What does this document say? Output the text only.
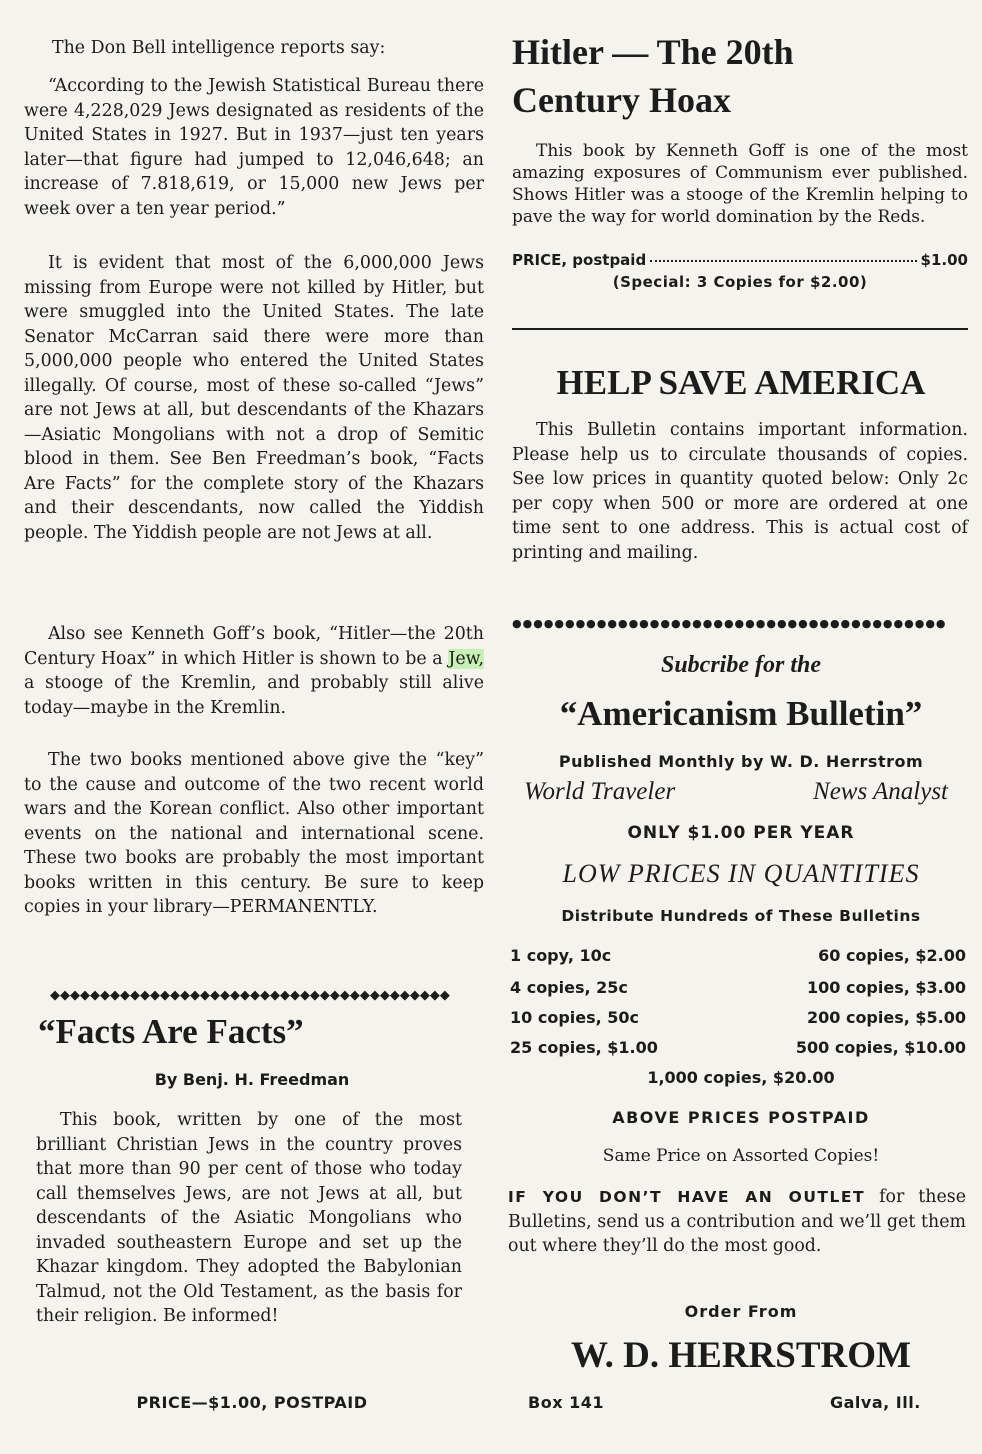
The Don Bell intelligence reports say:

“According to the Jewish Statistical Bureau there were 4,228,029 Jews designated as residents of the United States in 1927. But in 1937—just ten years later—that figure had jumped to 12,046,648; an increase of 7.818,619, or 15,000 new Jews per week over a ten year period.”

It is evident that most of the 6,000,000 Jews missing from Europe were not killed by Hitler, but were smuggled into the United States. The late Senator McCarran said there were more than 5,000,000 people who entered the United States illegally. Of course, most of these so-called “Jews” are not Jews at all, but descendants of the Khazars—Asiatic Mongolians with not a drop of Semitic blood in them. See Ben Freedman’s book, “Facts Are Facts” for the complete story of the Khazars and their descendants, now called the Yiddish people. The Yiddish people are not Jews at all.

Also see Kenneth Goff’s book, “Hitler—the 20th Century Hoax” in which Hitler is shown to be a Jew, a stooge of the Kremlin, and probably still alive today—maybe in the Kremlin.

The two books mentioned above give the “key” to the cause and outcome of the two recent world wars and the Korean conflict. Also other important events on the national and international scene. These two books are probably the most important books written in this century. Be sure to keep copies in your library—PERMANENTLY.

◆◆◆◆◆◆◆◆◆◆◆◆◆◆◆◆◆◆◆◆◆◆◆◆◆◆◆◆◆◆◆◆◆◆◆◆◆◆◆◆
“Facts Are Facts”
By Benj. H. Freedman

This book, written by one of the most brilliant Christian Jews in the country proves that more than 90 per cent of those who today call themselves Jews, are not Jews at all, but descendants of the Asiatic Mongolians who invaded southeastern Europe and set up the Khazar kingdom. They adopted the Babylonian Talmud, not the Old Testament, as the basis for their religion. Be informed!

PRICE—$1.00, POSTPAID
Hitler — The 20th
Century Hoax

This book by Kenneth Goff is one of the most amazing exposures of Communism ever published. Shows Hitler was a stooge of the Kremlin helping to pave the way for world domination by the Reds.

PRICE, postpaid	$1.00
(Special: 3 Copies for $2.00)
HELP SAVE AMERICA

This Bulletin contains important information. Please help us to circulate thousands of copies. See low prices in quantity quoted below: Only 2c per copy when 500 or more are ordered at one time sent to one address. This is actual cost of printing and mailing.

●●●●●●●●●●●●●●●●●●●●●●●●●●●●●●●●●●●●●●●●●
Subcribe for the
“Americanism Bulletin”
Published Monthly by W. D. Herrstrom
World Traveler	News Analyst
ONLY $1.00 PER YEAR
LOW PRICES IN QUANTITIES
Distribute Hundreds of These Bulletins
1 copy, 10c	60 copies, $2.00
4 copies, 25c	100 copies, $3.00
10 copies, 50c	200 copies, $5.00
25 copies, $1.00	500 copies, $10.00
1,000 copies, $20.00
ABOVE PRICES POSTPAID
Same Price on Assorted Copies!

IF YOU DON’T HAVE AN OUTLET for these Bulletins, send us a contribution and we’ll get them out where they’ll do the most good.

Order From
W. D. HERRSTROM
Box 141	Galva, Ill.
